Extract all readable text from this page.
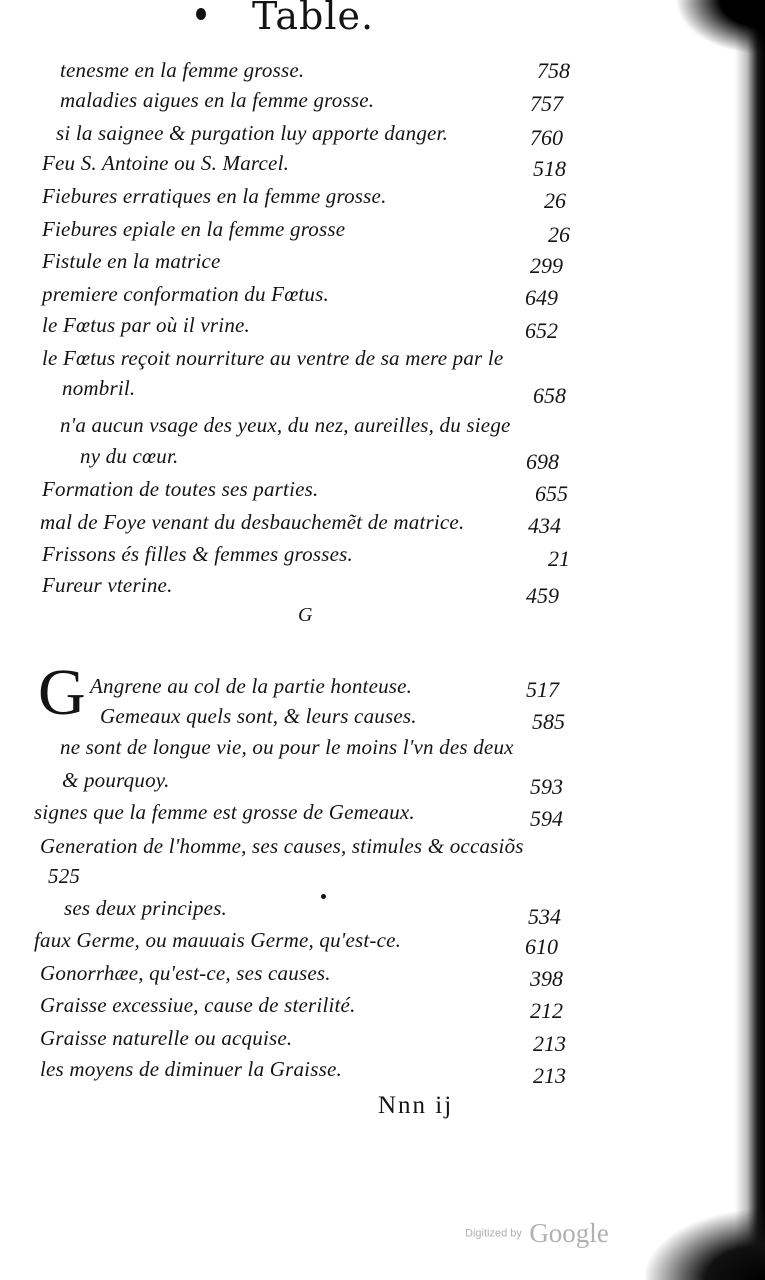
Table.
tenesme en la femme grosse.	758
maladies aigues en la femme grosse.	757
si la saignee & purgation luy apporte danger.	760
Feu S. Antoine ou S. Marcel.	518
Fiebures erratiques en la femme grosse.	26
Fiebures epiale en la femme grosse	26
Fistule en la matrice	299
premiere conformation du Fœtus.	649
le Fœtus par où il vrine.	652
le Fœtus reçoit nourriture au ventre de sa mere par le
nombril.	658
n'a aucun vsage des yeux, du nez, aureilles, du siege
ny du cœur.	698
Formation de toutes ses parties.	655
mal de Foye venant du desbauchemẽt de matrice.	434
Frissons és filles & femmes grosses.	21
Fureur vterine.	459
G
G Angrene au col de la partie honteuse.	517
Gemeaux quels sont, & leurs causes.	585
ne sont de longue vie, ou pour le moins l'vn des deux
& pourquoy.	593
signes que la femme est grosse de Gemeaux.	594
Generation de l'homme, ses causes, stimules & occasiõs
525
ses deux principes.	534
faux Germe, ou mauuais Germe, qu'est-ce.	610
Gonorrhæe, qu'est-ce, ses causes.	398
Graisse excessiue, cause de sterilité.	212
Graisse naturelle ou acquise.	213
les moyens de diminuer la Graisse.	213
Nnn ij
Digitized by Google
